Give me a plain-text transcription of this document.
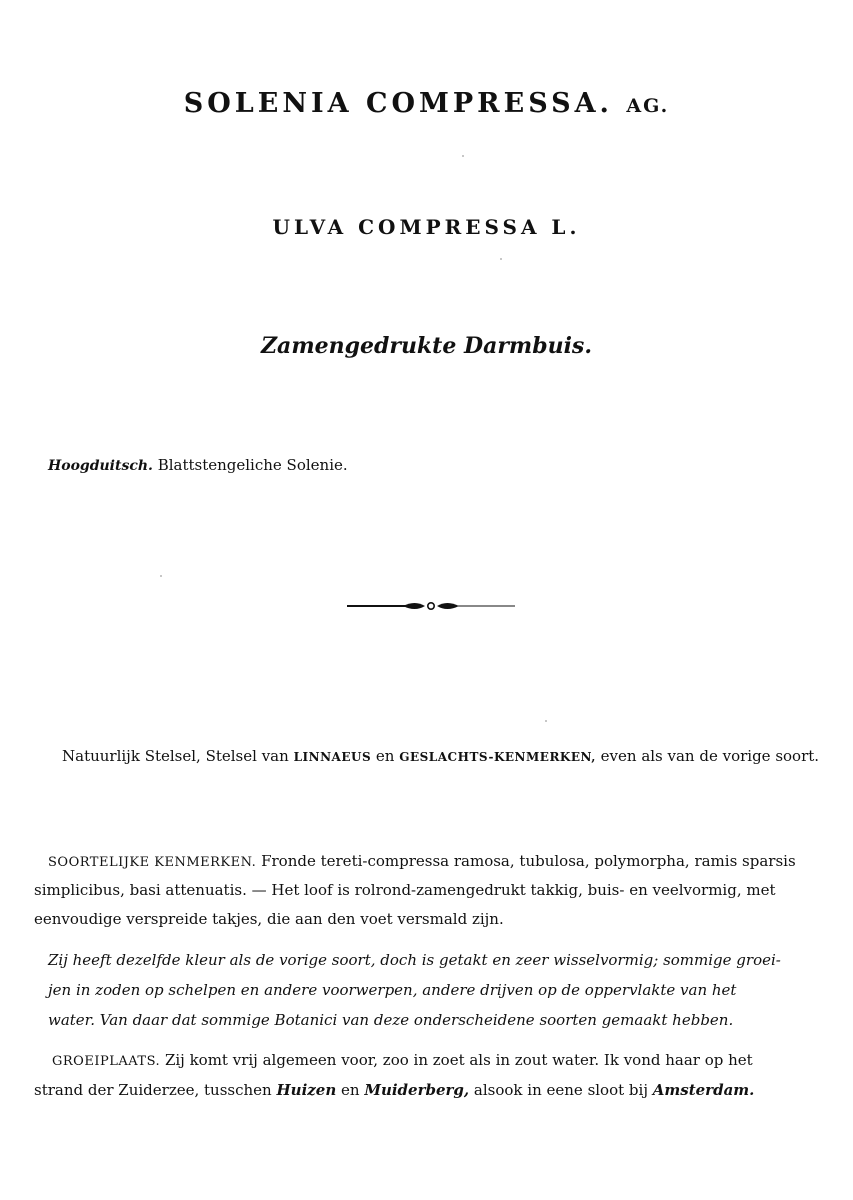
SOLENIA COMPRESSA. AG.
ULVA COMPRESSA L.
Zamengedrukte Darmbuis.
Hoogduitsch. Blattstengeliche Solenie.
Natuurlijk Stelsel, Stelsel van LINNAEUS en GESLACHTS-KENMERKEN, even als van de vorige soort.
SOORTELIJKE KENMERKEN. Fronde tereti-compressa ramosa, tubulosa, polymorpha, ramis sparsis
simplicibus, basi attenuatis. — Het loof is rolrond-zamengedrukt takkig, buis- en veelvormig, met
eenvoudige verspreide takjes, die aan den voet versmald zijn.
Zij heeft dezelfde kleur als de vorige soort, doch is getakt en zeer wisselvormig; sommige groei-
jen in zoden op schelpen en andere voorwerpen, andere drijven op de oppervlakte van het
water. Van daar dat sommige Botanici van deze onderscheidene soorten gemaakt hebben.
GROEIPLAATS. Zij komt vrij algemeen voor, zoo in zoet als in zout water. Ik vond haar op het
strand der Zuiderzee, tusschen Huizen en Muiderberg, alsook in eene sloot bij Amsterdam.
